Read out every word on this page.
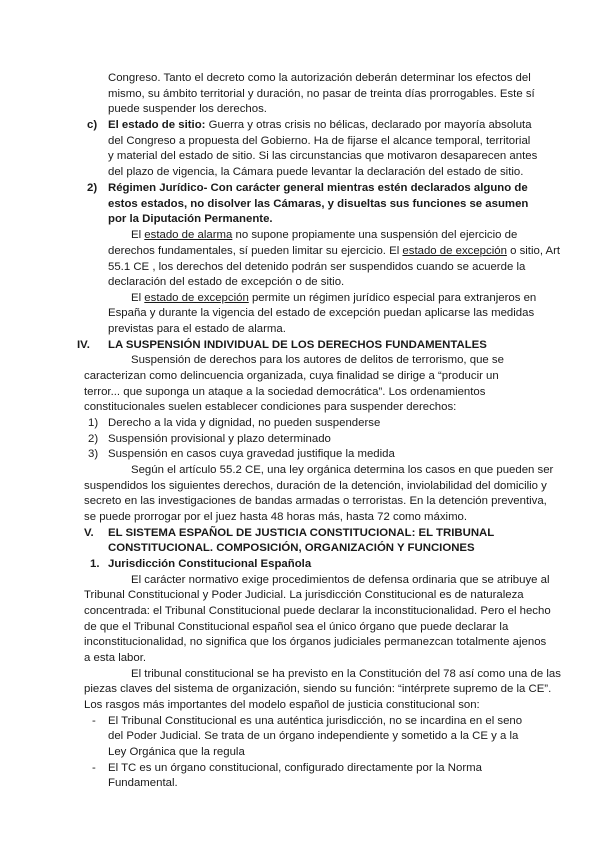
Congreso. Tanto el decreto como la autorización deberán determinar los efectos del
mismo, su ámbito territorial y duración, no pasar de treinta días prorrogables. Este sí
puede suspender los derechos.
c) El estado de sitio: Guerra y otras crisis no bélicas, declarado por mayoría absoluta
del Congreso a propuesta del Gobierno. Ha de fijarse el alcance temporal, territorial
y material del estado de sitio. Si las circunstancias que motivaron desaparecen antes
del plazo de vigencia, la Cámara puede levantar la declaración del estado de sitio.
2) Régimen Jurídico- Con carácter general mientras estén declarados alguno de
estos estados, no disolver las Cámaras, y disueltas sus funciones se asumen
por la Diputación Permanente.
El estado de alarma no supone propiamente una suspensión del ejercicio de
derechos fundamentales, sí pueden limitar su ejercicio. El estado de excepción o sitio, Art
55.1 CE , los derechos del detenido podrán ser suspendidos cuando se acuerde la
declaración del estado de excepción o de sitio.
El estado de excepción permite un régimen jurídico especial para extranjeros en
España y durante la vigencia del estado de excepción puedan aplicarse las medidas
previstas para el estado de alarma.
IV. LA SUSPENSIÓN INDIVIDUAL DE LOS DERECHOS FUNDAMENTALES
Suspensión de derechos para los autores de delitos de terrorismo, que se
caracterizan como delincuencia organizada, cuya finalidad se dirige a “producir un
terror... que suponga un ataque a la sociedad democrática”. Los ordenamientos
constitucionales suelen establecer condiciones para suspender derechos:
1) Derecho a la vida y dignidad, no pueden suspenderse
2) Suspensión provisional y plazo determinado
3) Suspensión en casos cuya gravedad justifique la medida
Según el artículo 55.2 CE, una ley orgánica determina los casos en que pueden ser
suspendidos los siguientes derechos, duración de la detención, inviolabilidad del domicilio y
secreto en las investigaciones de bandas armadas o terroristas. En la detención preventiva,
se puede prorrogar por el juez hasta 48 horas más, hasta 72 como máximo.
V. EL SISTEMA ESPAÑOL DE JUSTICIA CONSTITUCIONAL: EL TRIBUNAL
CONSTITUCIONAL. COMPOSICIÓN, ORGANIZACIÓN Y FUNCIONES
1. Jurisdicción Constitucional Española
El carácter normativo exige procedimientos de defensa ordinaria que se atribuye al
Tribunal Constitucional y Poder Judicial. La jurisdicción Constitucional es de naturaleza
concentrada: el Tribunal Constitucional puede declarar la inconstitucionalidad. Pero el hecho
de que el Tribunal Constitucional español sea el único órgano que puede declarar la
inconstitucionalidad, no significa que los órganos judiciales permanezcan totalmente ajenos
a esta labor.
El tribunal constitucional se ha previsto en la Constitución del 78 así como una de las
piezas claves del sistema de organización, siendo su función: “intérprete supremo de la CE”.
Los rasgos más importantes del modelo español de justicia constitucional son:
- El Tribunal Constitucional es una auténtica jurisdicción, no se incardina en el seno
del Poder Judicial. Se trata de un órgano independiente y sometido a la CE y a la
Ley Orgánica que la regula
- El TC es un órgano constitucional, configurado directamente por la Norma
Fundamental.
